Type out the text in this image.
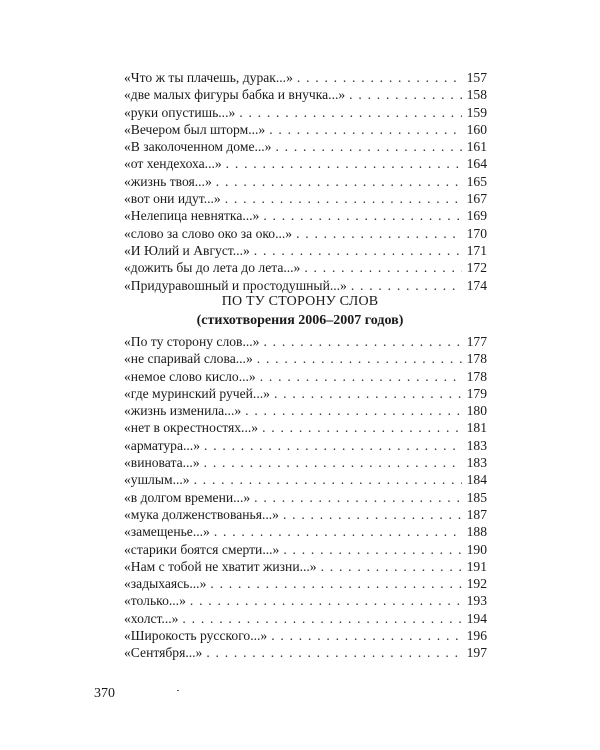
«Что ж ты плачешь, дурак...» . . .	157
«две малых фигуры бабка и внучка...» . . .	158
«руки опустишь...» . . .	159
«Вечером был шторм...» . . .	160
«В заколоченном доме...» . . .	161
«от хендехоха...» . . .	164
«жизнь твоя...» . . .	165
«вот они идут...» . . .	167
«Нелепица невнятка...» . . .	169
«слово за слово око за око...» . . .	170
«И Юлий и Август...» . . .	171
«дожить бы до лета до лета...» . . .	172
«Придуравошный и простодушный...» . . .	174
ПО ТУ СТОРОНУ СЛОВ
(стихотворения 2006–2007 годов)
«По ту сторону слов...» . . .	177
«не спаривай слова...» . . .	178
«немое слово кисло...» . . .	178
«где муринский ручей...» . . .	179
«жизнь изменила...» . . .	180
«нет в окрестностях...» . . .	181
«арматура...» . . .	183
«виновата...» . . .	183
«ушлым...» . . .	184
«в долгом времени...» . . .	185
«мука долженствованья...» . . .	187
«замещенье...» . . .	188
«старики боятся смерти...» . . .	190
«Нам с тобой не хватит жизни...» . . .	191
«задыхаясь...» . . .	192
«только...» . . .	193
«холст...» . . .	194
«Широкость русского...» . . .	196
«Сентября...» . . .	197
370
